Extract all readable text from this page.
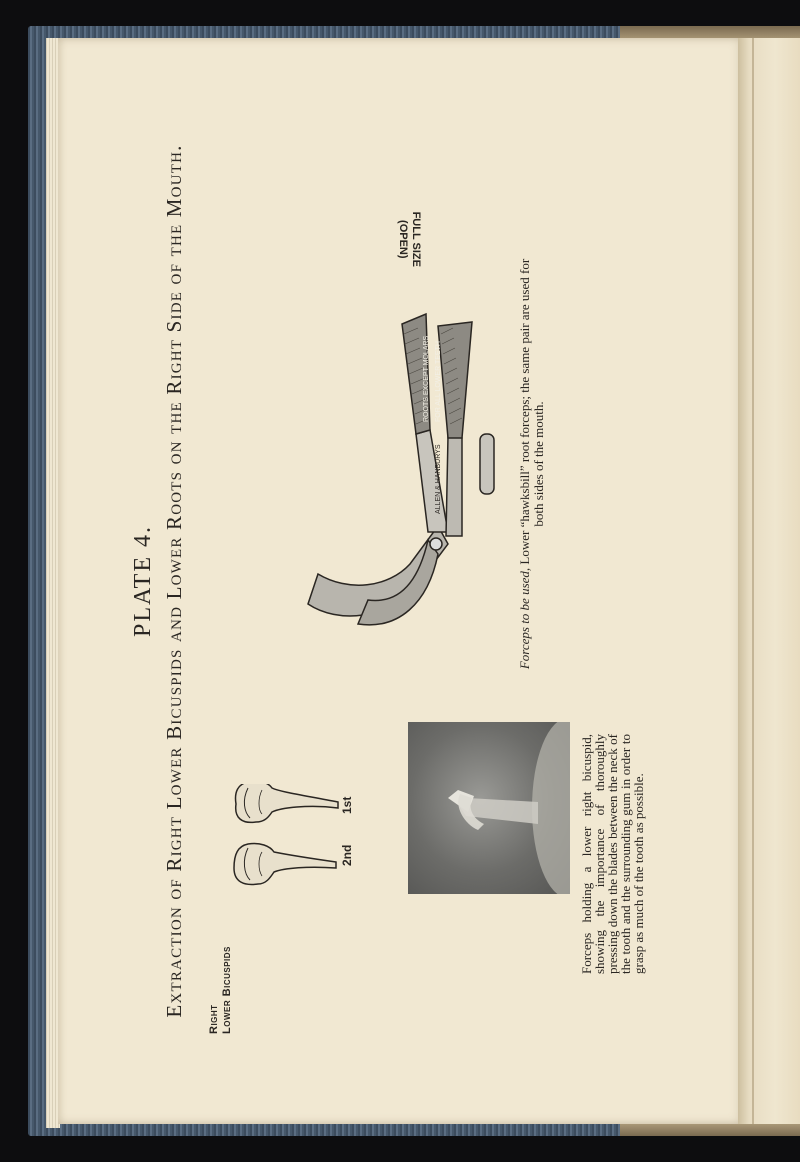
PLATE 4. Extraction of Right Lower Bicuspids and Lower Roots on the Right Side of the Mouth.
Right Lower Bicuspids
1st
2nd	Forceps holding a lower right bicuspid, showing the importance of thoroughly pressing down the blades between the neck of the tooth and the surrounding gum in order to grasp as much of the tooth as possible.
ALLEN & HANBURYS
FOR ALL LOWER TEETH
ROOTS EXCEPT MOLARS
FULL SIZE
(OPEN)
Forceps to be used, Lower “hawksbill” root forceps; the same pair are used for both sides of the mouth.
